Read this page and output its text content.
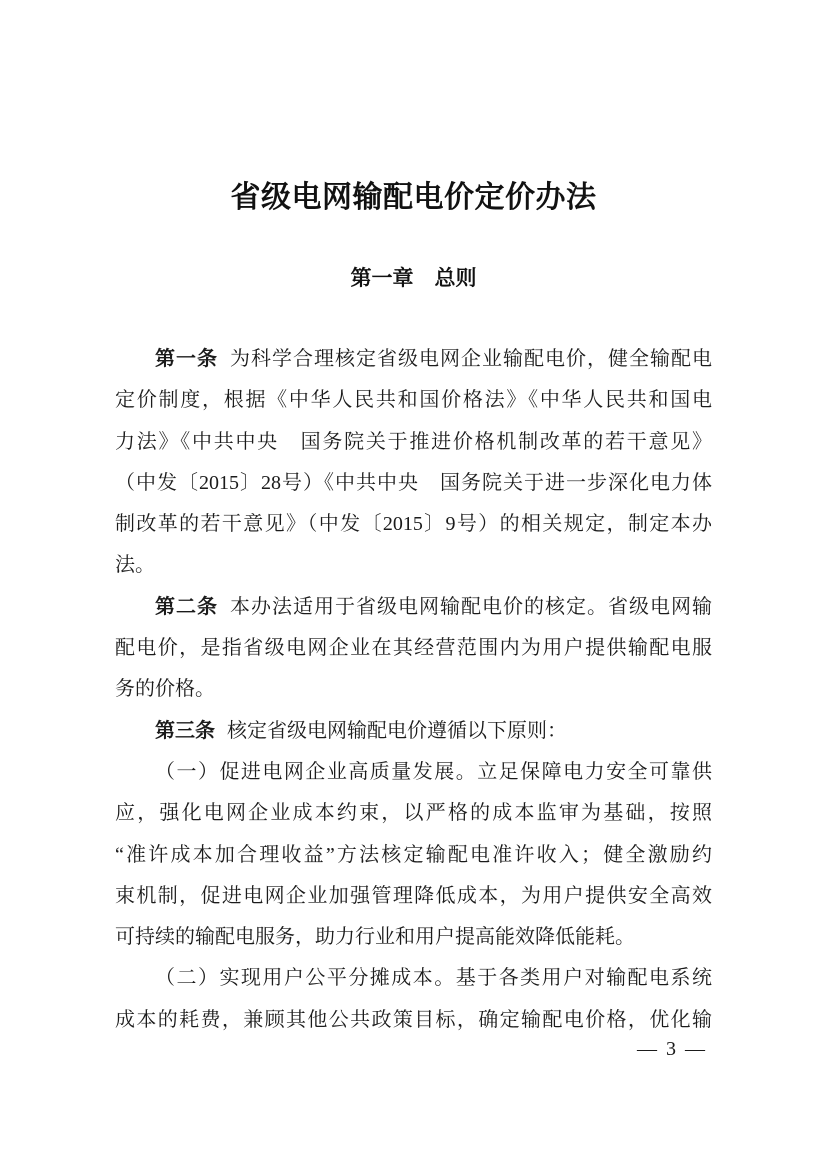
省级电网输配电价定价办法
第一章　总则
第一条 为科学合理核定省级电网企业输配电价，健全输配电
定价制度，根据《中华人民共和国价格法》《中华人民共和国电
力法》《中共中央　国务院关于推进价格机制改革的若干意见》
（中发〔2015〕28号）《中共中央　国务院关于进一步深化电力体
制改革的若干意见》（中发〔2015〕9号）的相关规定，制定本办
法。
第二条 本办法适用于省级电网输配电价的核定。省级电网输
配电价，是指省级电网企业在其经营范围内为用户提供输配电服
务的价格。
第三条 核定省级电网输配电价遵循以下原则：
（一）促进电网企业高质量发展。立足保障电力安全可靠供
应，强化电网企业成本约束，以严格的成本监审为基础，按照
“准许成本加合理收益”方法核定输配电准许收入；健全激励约
束机制，促进电网企业加强管理降低成本，为用户提供安全高效
可持续的输配电服务，助力行业和用户提高能效降低能耗。
（二）实现用户公平分摊成本。基于各类用户对输配电系统
成本的耗费，兼顾其他公共政策目标，确定输配电价格，优化输
— 3 —
